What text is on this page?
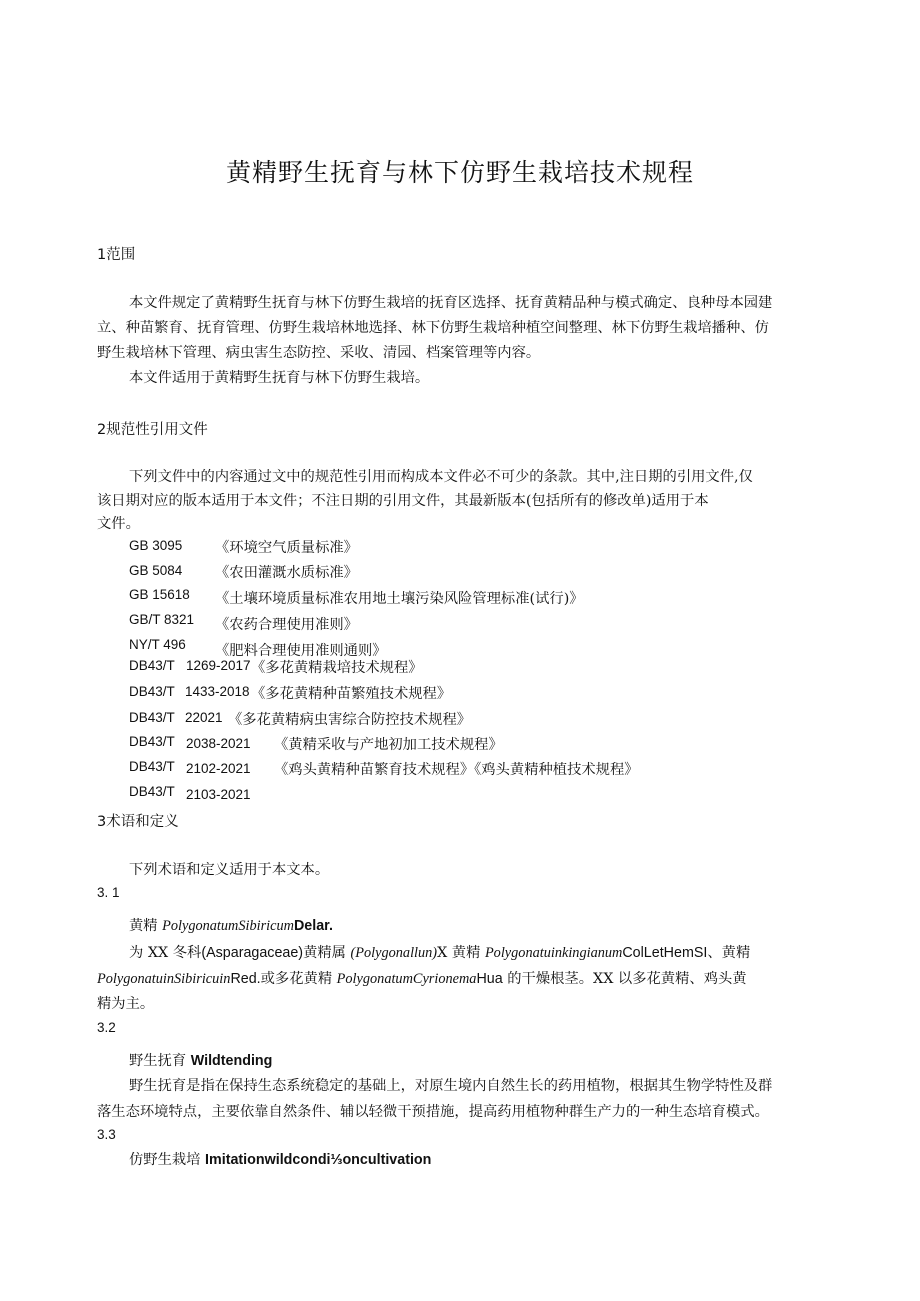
黄精野生抚育与林下仿野生栽培技术规程
1范围
本文件规定了黄精野生抚育与林下仿野生栽培的抚育区选择、抚育黄精品种与模式确定、良种母本园建
立、种苗繁育、抚育管理、仿野生栽培林地选择、林下仿野生栽培种植空间整理、林下仿野生栽培播种、仿
野生栽培林下管理、病虫害生态防控、采收、清园、档案管理等内容。
本文件适用于黄精野生抚育与林下仿野生栽培。
2规范性引用文件
下列文件中的内容通过文中的规范性引用而构成本文件必不可少的条款。其中,注日期的引用文件,仅
该日期对应的版本适用于本文件；不注日期的引用文件，其最新版本(包括所有的修改单)适用于本
文件。
GB 3095 《环境空气质量标准》
GB 5084 《农田灌溉水质标准》
GB 15618 《土壤环境质量标准农用地土壤污染风险管理标准(试行)》
GB/T 8321 《农药合理使用准则》
NY/T 496 《肥料合理使用准则通则》
DB43/T 1269-2017 《多花黄精栽培技术规程》
DB43/T 1433-2018 《多花黄精种苗繁殖技术规程》
DB43/T 22021 《多花黄精病虫害综合防控技术规程》
DB43/T 2038-2021 《黄精采收与产地初加工技术规程》
DB43/T 2102-2021 《鸡头黄精种苗繁育技术规程》《鸡头黄精种植技术规程》
DB43/T 2103-2021
3术语和定义
下列术语和定义适用于本文本。
3. 1
黄精 PolygonatumSibiricumDelar.
为 XX 冬科(Asparagaceae)黄精属 (Polygonallun)X 黄精 PolygonatuinkingianumColLetHemSI、黄精
PolygonatuinSibiricuinRed.或多花黄精 PolygonatumCyrionemaHua 的干燥根茎。XX 以多花黄精、鸡头黄
精为主。
3.2
野生抚育 Wildtending
野生抚育是指在保持生态系统稳定的基础上，对原生境内自然生长的药用植物，根据其生物学特性及群
落生态环境特点，主要依靠自然条件、辅以轻微干预措施，提高药用植物种群生产力的一种生态培育模式。
3.3
仿野生栽培 Imitationwildcondi⅓oncultivation
